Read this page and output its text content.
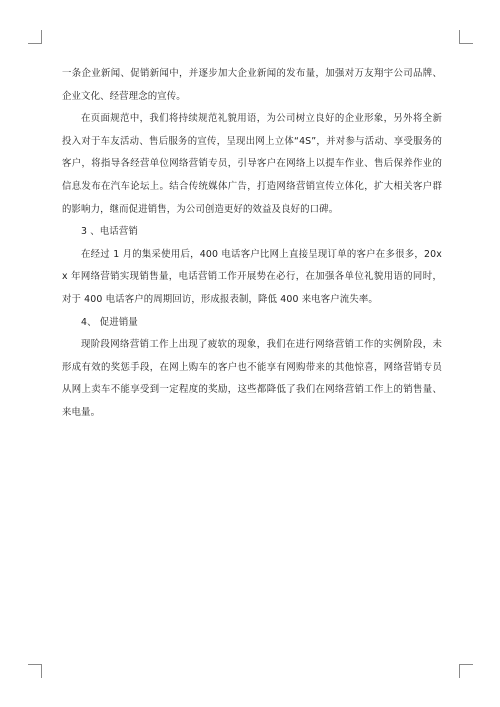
一条企业新闻、促销新闻中，并逐步加大企业新闻的发布量，加强对万友翔宇公司品牌、企业文化、经营理念的宣传。

在页面规范中，我们将持续规范礼貌用语，为公司树立良好的企业形象，另外将全新投入对于车友活动、售后服务的宣传，呈现出网上立体“4S”，并对参与活动、享受服务的客户，将指导各经营单位网络营销专员，引导客户在网络上以提车作业、售后保养作业的信息发布在汽车论坛上。结合传统媒体广告，打造网络营销宣传立体化，扩大相关客户群的影响力，继而促进销售，为公司创造更好的效益及良好的口碑。

3 、电话营销

在经过 1 月的集采使用后，400 电话客户比网上直接呈现订单的客户在多很多，20xx 年网络营销实现销售量，电话营销工作开展势在必行，在加强各单位礼貌用语的同时，对于 400 电话客户的周期回访，形成报表制，降低 400 来电客户流失率。

4、 促进销量

现阶段网络营销工作上出现了疲软的现象，我们在进行网络营销工作的实例阶段，未形成有效的奖惩手段，在网上购车的客户也不能享有网购带来的其他惊喜，网络营销专员从网上卖车不能享受到一定程度的奖励，这些都降低了我们在网络营销工作上的销售量、来电量。
